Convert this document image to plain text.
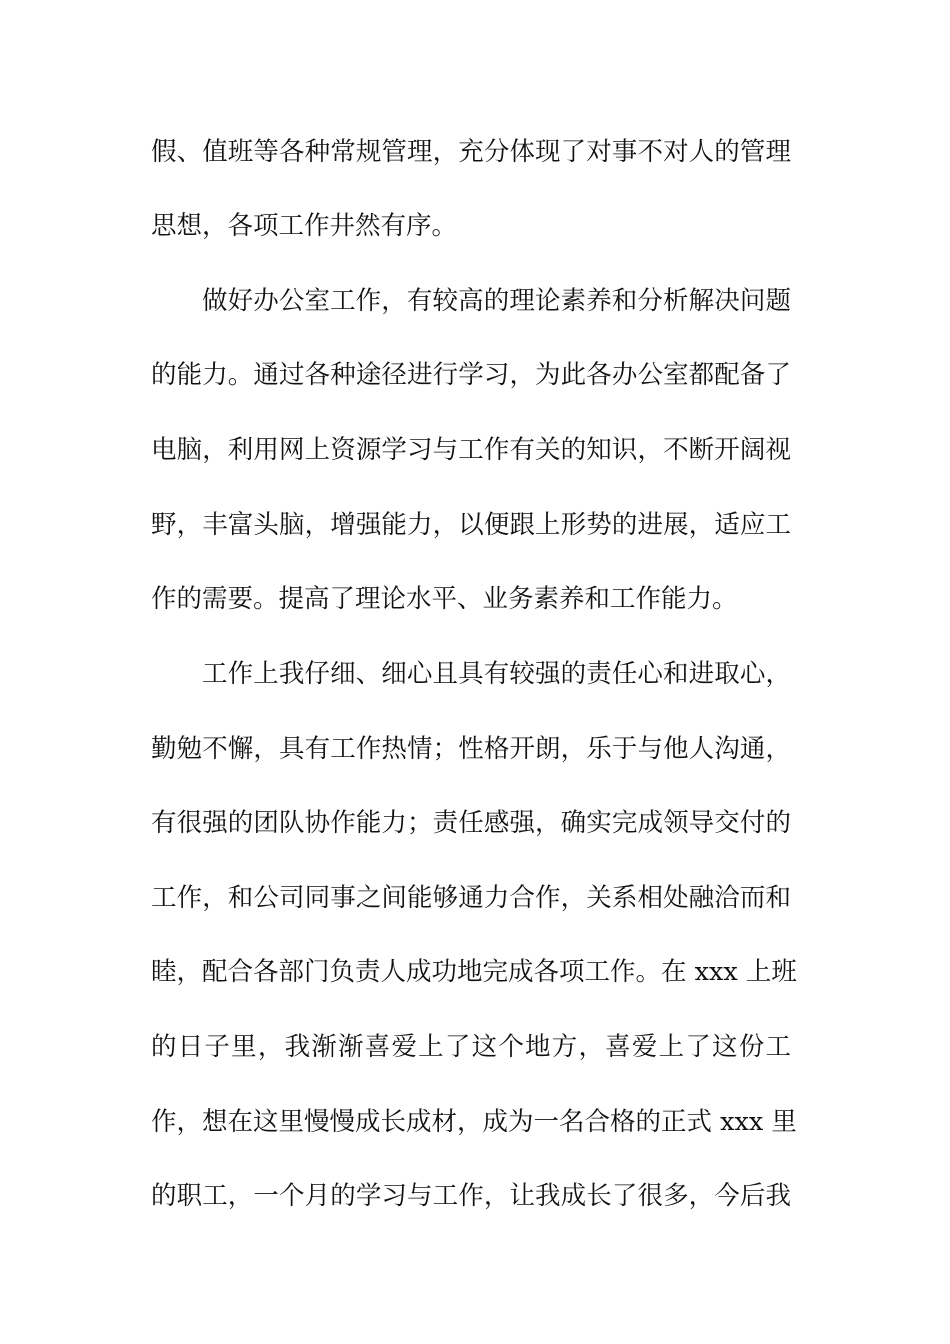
假、值班等各种常规管理，充分体现了对事不对人的管理
思想，各项工作井然有序。
做好办公室工作，有较高的理论素养和分析解决问题
的能力。通过各种途径进行学习，为此各办公室都配备了
电脑，利用网上资源学习与工作有关的知识，不断开阔视
野，丰富头脑，增强能力，以便跟上形势的进展，适应工
作的需要。提高了理论水平、业务素养和工作能力。
工作上我仔细、细心且具有较强的责任心和进取心，
勤勉不懈，具有工作热情；性格开朗，乐于与他人沟通，
有很强的团队协作能力；责任感强，确实完成领导交付的
工作，和公司同事之间能够通力合作，关系相处融洽而和
睦，配合各部门负责人成功地完成各项工作。在 xxx 上班
的日子里，我渐渐喜爱上了这个地方，喜爱上了这份工
作，想在这里慢慢成长成材，成为一名合格的正式 xxx 里
的职工，一个月的学习与工作，让我成长了很多，今后我
